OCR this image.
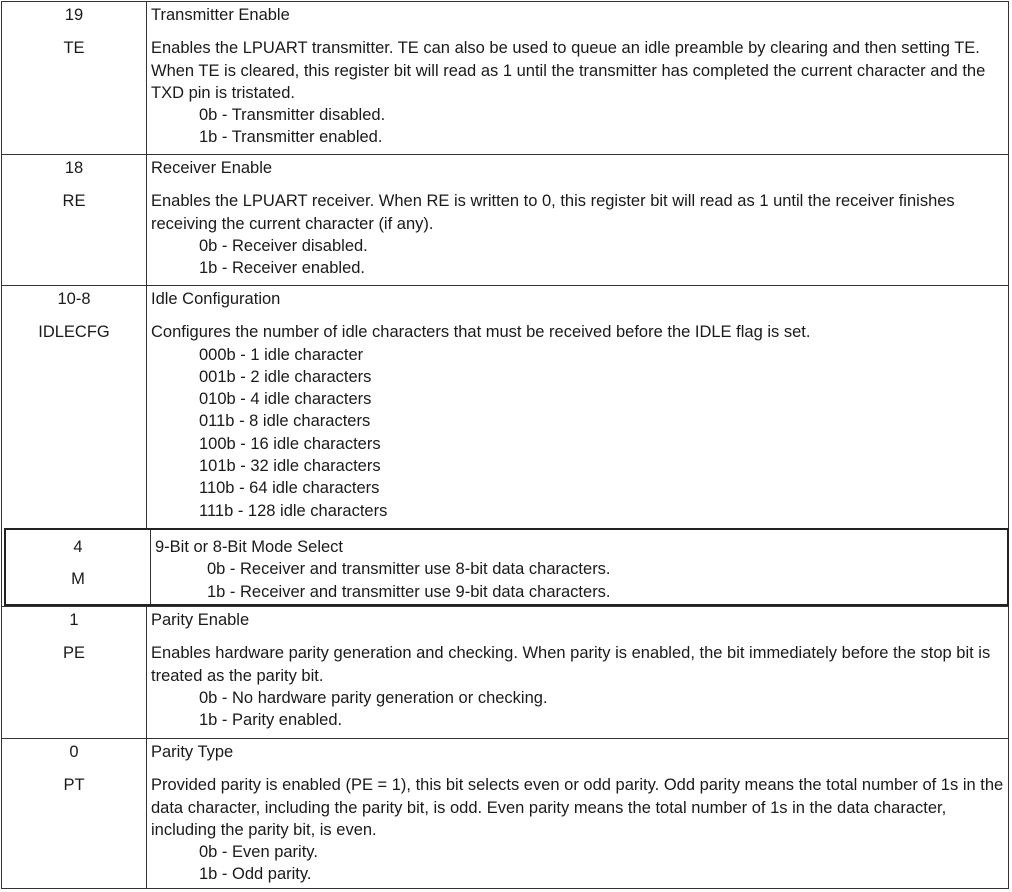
19
TE
Transmitter Enable
Enables the LPUART transmitter. TE can also be used to queue an idle preamble by clearing and then setting TE. When TE is cleared, this register bit will read as 1 until the transmitter has completed the current character and the TXD pin is tristated.
0b - Transmitter disabled.
1b - Transmitter enabled.
18
RE
Receiver Enable
Enables the LPUART receiver. When RE is written to 0, this register bit will read as 1 until the receiver finishes receiving the current character (if any).
0b - Receiver disabled.
1b - Receiver enabled.
10-8
IDLECFG
Idle Configuration
Configures the number of idle characters that must be received before the IDLE flag is set.
000b - 1 idle character
001b - 2 idle characters
010b - 4 idle characters
011b - 8 idle characters
100b - 16 idle characters
101b - 32 idle characters
110b - 64 idle characters
111b - 128 idle characters
4
M
9-Bit or 8-Bit Mode Select
0b - Receiver and transmitter use 8-bit data characters.
1b - Receiver and transmitter use 9-bit data characters.
1
PE
Parity Enable
Enables hardware parity generation and checking. When parity is enabled, the bit immediately before the stop bit is treated as the parity bit.
0b - No hardware parity generation or checking.
1b - Parity enabled.
0
PT
Parity Type
Provided parity is enabled (PE = 1), this bit selects even or odd parity. Odd parity means the total number of 1s in the data character, including the parity bit, is odd. Even parity means the total number of 1s in the data character, including the parity bit, is even.
0b - Even parity.
1b - Odd parity.
